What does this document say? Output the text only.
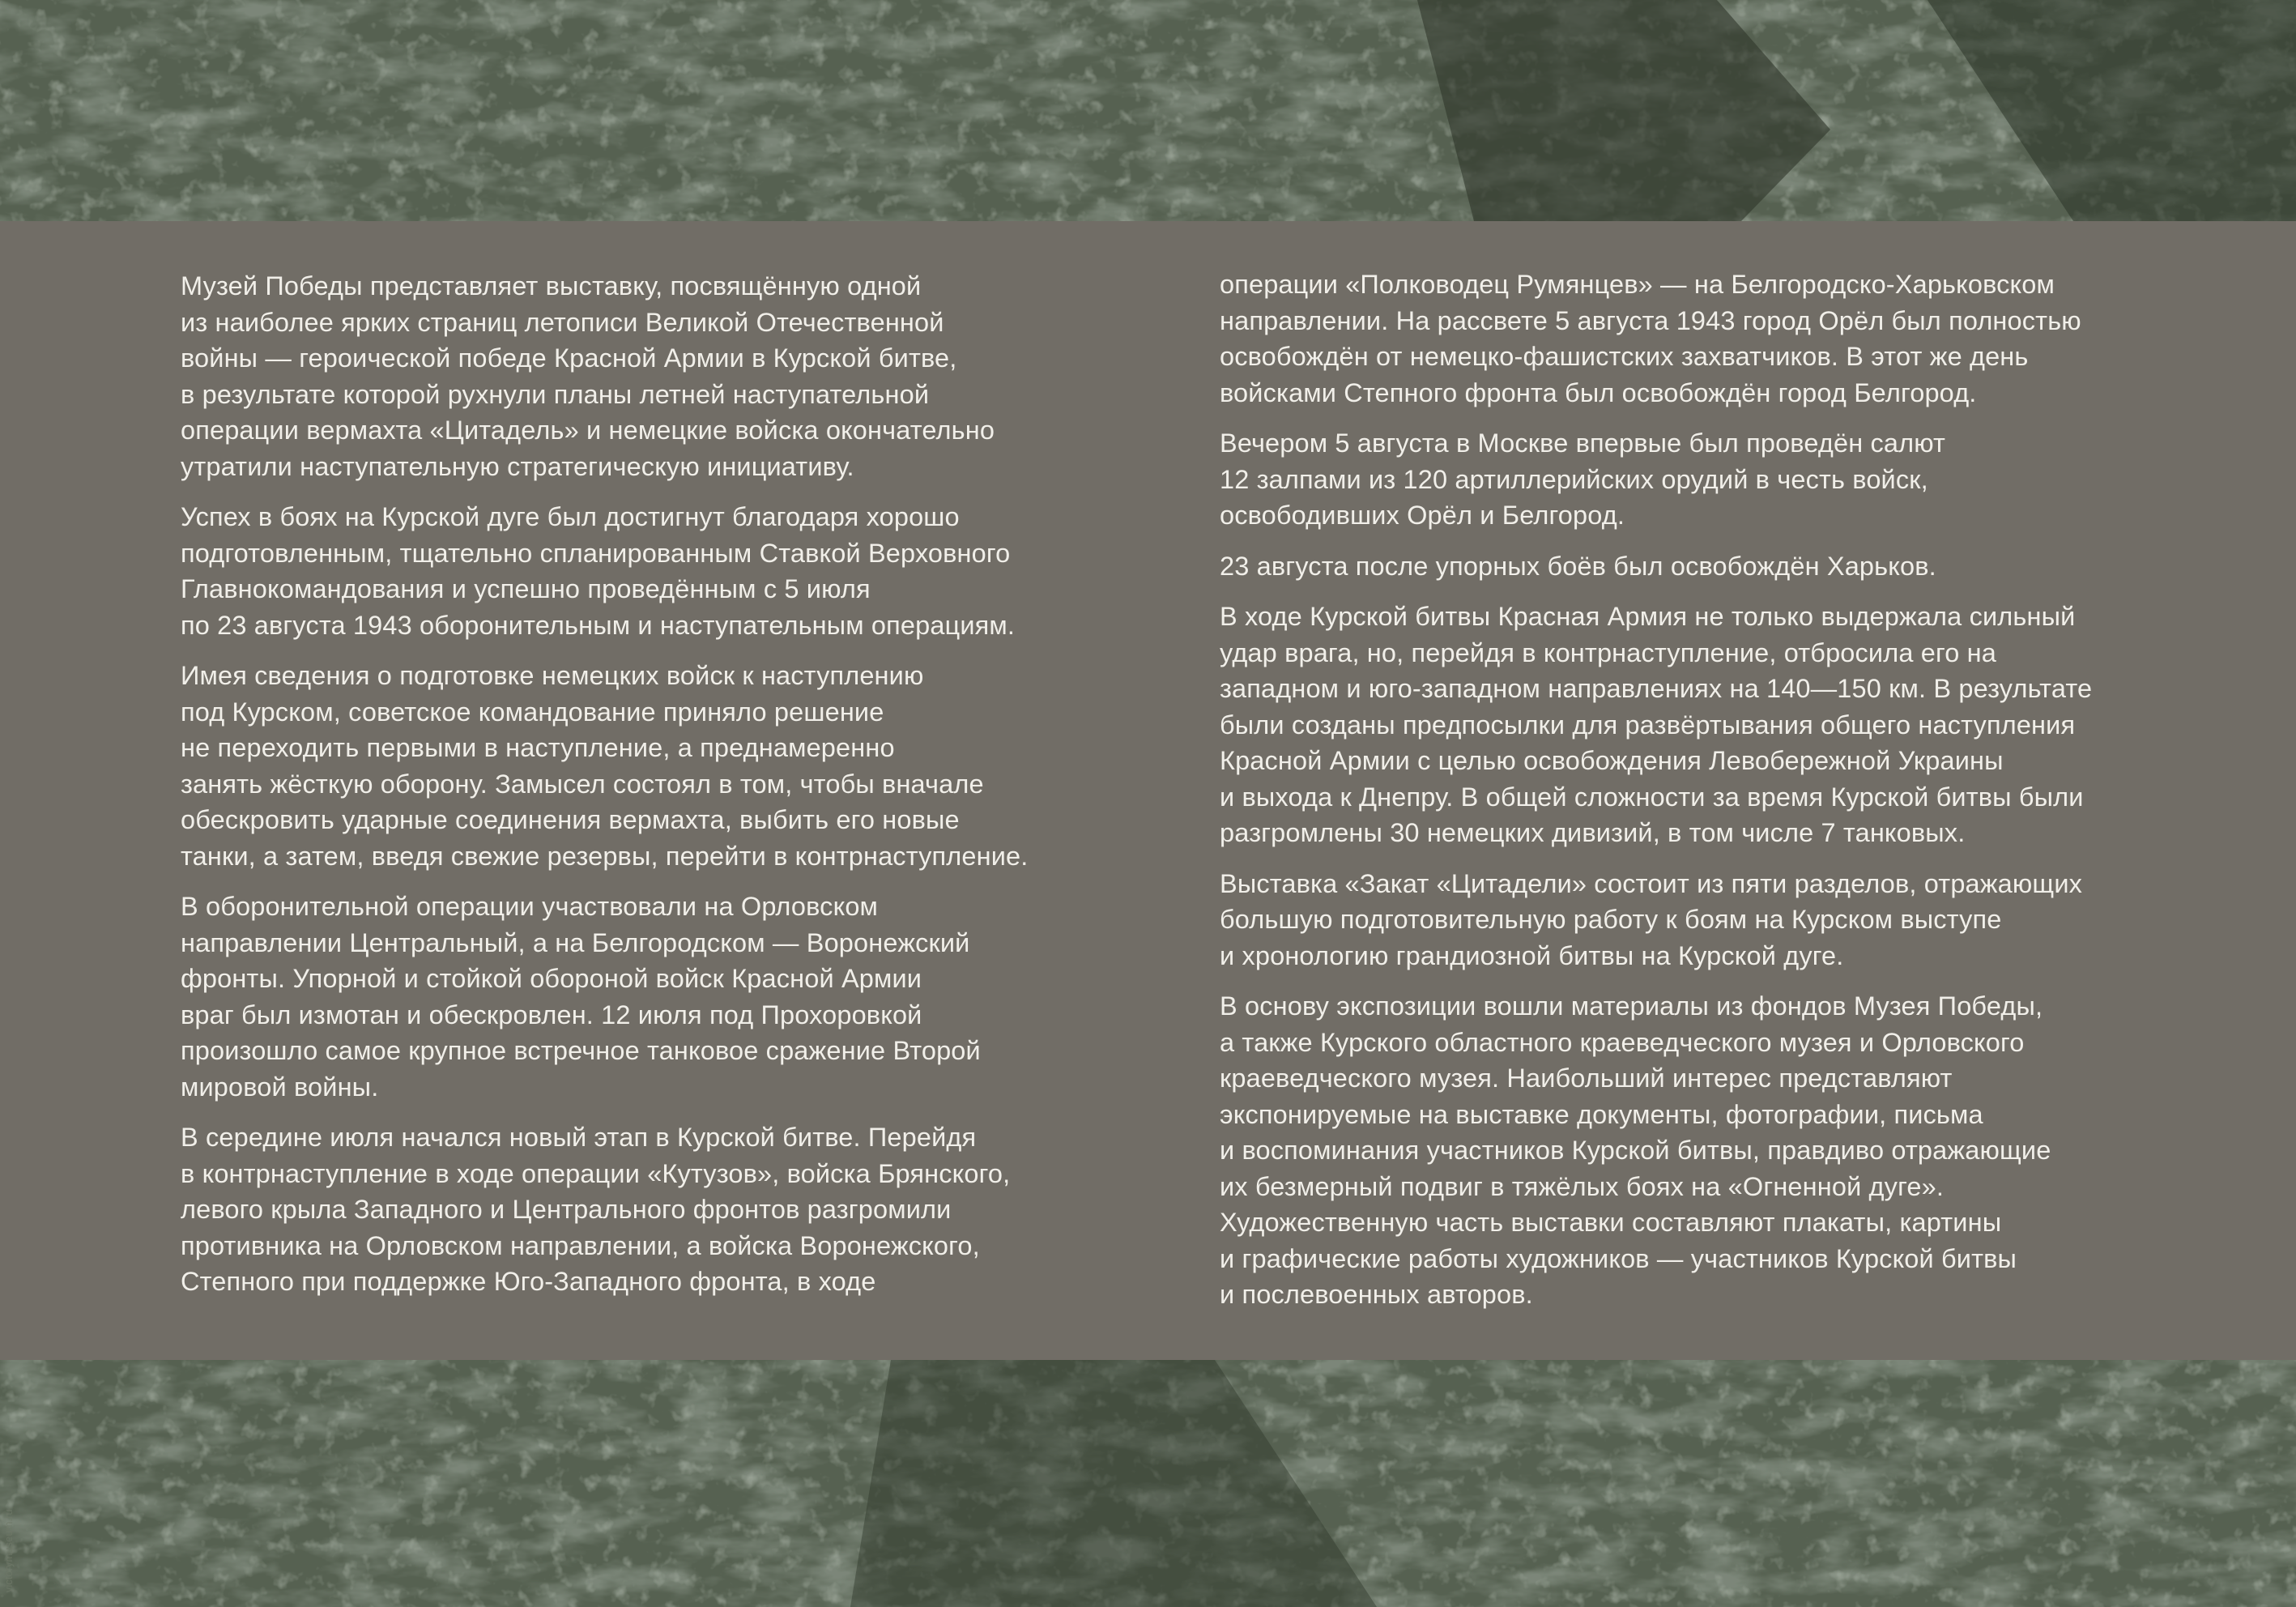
Музей Победы представляет выставку, посвящённую одной
из наиболее ярких страниц летописи Великой Отечественной
войны — героической победе Красной Армии в Курской битве,
в результате которой рухнули планы летней наступательной
операции вермахта «Цитадель» и немецкие войска окончательно
утратили наступательную стратегическую инициативу.

Успех в боях на Курской дуге был достигнут благодаря хорошо
подготовленным, тщательно спланированным Ставкой Верховного
Главнокомандования и успешно проведённым с 5 июля
по 23 августа 1943 оборонительным и наступательным операциям.

Имея сведения о подготовке немецких войск к наступлению
под Курском, советское командование приняло решение
не переходить первыми в наступление, а преднамеренно
занять жёсткую оборону. Замысел состоял в том, чтобы вначале
обескровить ударные соединения вермахта, выбить его новые
танки, а затем, введя свежие резервы, перейти в контрнаступление.

В оборонительной операции участвовали на Орловском
направлении Центральный, а на Белгородском — Воронежский
фронты. Упорной и стойкой обороной войск Красной Армии
враг был измотан и обескровлен. 12 июля под Прохоровкой
произошло самое крупное встречное танковое сражение Второй
мировой войны.

В середине июля начался новый этап в Курской битве. Перейдя
в контрнаступление в ходе операции «Кутузов», войска Брянского,
левого крыла Западного и Центрального фронтов разгромили
противника на Орловском направлении, а войска Воронежского,
Степного при поддержке Юго-Западного фронта, в ходе

операции «Полководец Румянцев» — на Белгородско-Харьковском
направлении. На рассвете 5 августа 1943 город Орёл был полностью
освобождён от немецко-фашистских захватчиков. В этот же день
войсками Степного фронта был освобождён город Белгород.

Вечером 5 августа в Москве впервые был проведён салют
12 залпами из 120 артиллерийских орудий в честь войск,
освободивших Орёл и Белгород.

23 августа после упорных боёв был освобождён Харьков.

В ходе Курской битвы Красная Армия не только выдержала сильный
удар врага, но, перейдя в контрнаступление, отбросила его на
западном и юго-западном направлениях на 140—150 км. В результате
были созданы предпосылки для развёртывания общего наступления
Красной Армии с целью освобождения Левобережной Украины
и выхода к Днепру. В общей сложности за время Курской битвы были
разгромлены 30 немецких дивизий, в том числе 7 танковых.

Выставка «Закат «Цитадели» состоит из пяти разделов, отражающих
большую подготовительную работу к боям на Курском выступе
и хронологию грандиозной битвы на Курской дуге.

В основу экспозиции вошли материалы из фондов Музея Победы,
а также Курского областного краеведческого музея и Орловского
краеведческого музея. Наибольший интерес представляют
экспонируемые на выставке документы, фотографии, письма
и воспоминания участников Курской битвы, правдиво отражающие
их безмерный подвиг в тяжёлых боях на «Огненной дуге».
Художественную часть выставки составляют плакаты, картины
и графические работы художников — участников Курской битвы
и послевоенных авторов.

victorymuseum.ru
